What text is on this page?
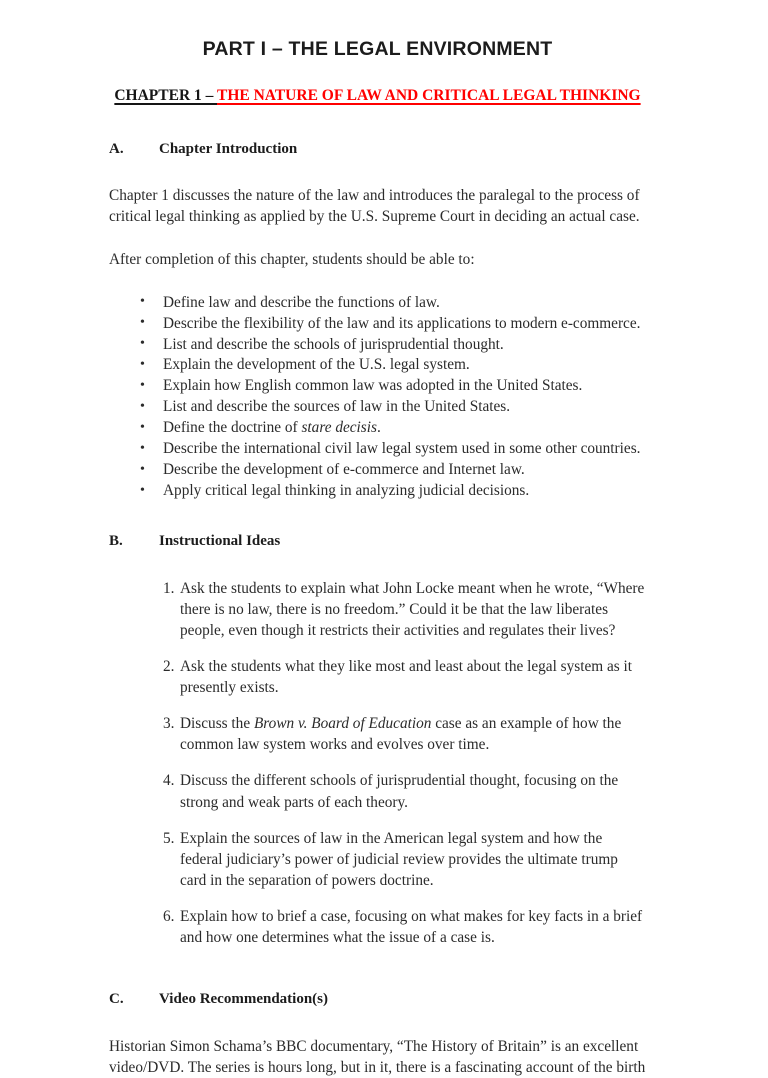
PART I – THE LEGAL ENVIRONMENT
CHAPTER 1 – THE NATURE OF LAW AND CRITICAL LEGAL THINKING
A.	Chapter Introduction

Chapter 1 discusses the nature of the law and introduces the paralegal to the process of critical legal thinking as applied by the U.S. Supreme Court in deciding an actual case.

After completion of this chapter, students should be able to:

• Define law and describe the functions of law.
• Describe the flexibility of the law and its applications to modern e-commerce.
• List and describe the schools of jurisprudential thought.
• Explain the development of the U.S. legal system.
• Explain how English common law was adopted in the United States.
• List and describe the sources of law in the United States.
• Define the doctrine of stare decisis.
• Describe the international civil law legal system used in some other countries.
• Describe the development of e-commerce and Internet law.
• Apply critical legal thinking in analyzing judicial decisions.
B.	Instructional Ideas
1. Ask the students to explain what John Locke meant when he wrote, “Where there is no law, there is no freedom.” Could it be that the law liberates people, even though it restricts their activities and regulates their lives?
2. Ask the students what they like most and least about the legal system as it presently exists.
3. Discuss the Brown v. Board of Education case as an example of how the common law system works and evolves over time.
4. Discuss the different schools of jurisprudential thought, focusing on the strong and weak parts of each theory.
5. Explain the sources of law in the American legal system and how the federal judiciary’s power of judicial review provides the ultimate trump card in the separation of powers doctrine.
6. Explain how to brief a case, focusing on what makes for key facts in a brief and how one determines what the issue of a case is.
C.	Video Recommendation(s)

Historian Simon Schama’s BBC documentary, “The History of Britain” is an excellent video/DVD. The series is hours long, but in it, there is a fascinating account of the birth
